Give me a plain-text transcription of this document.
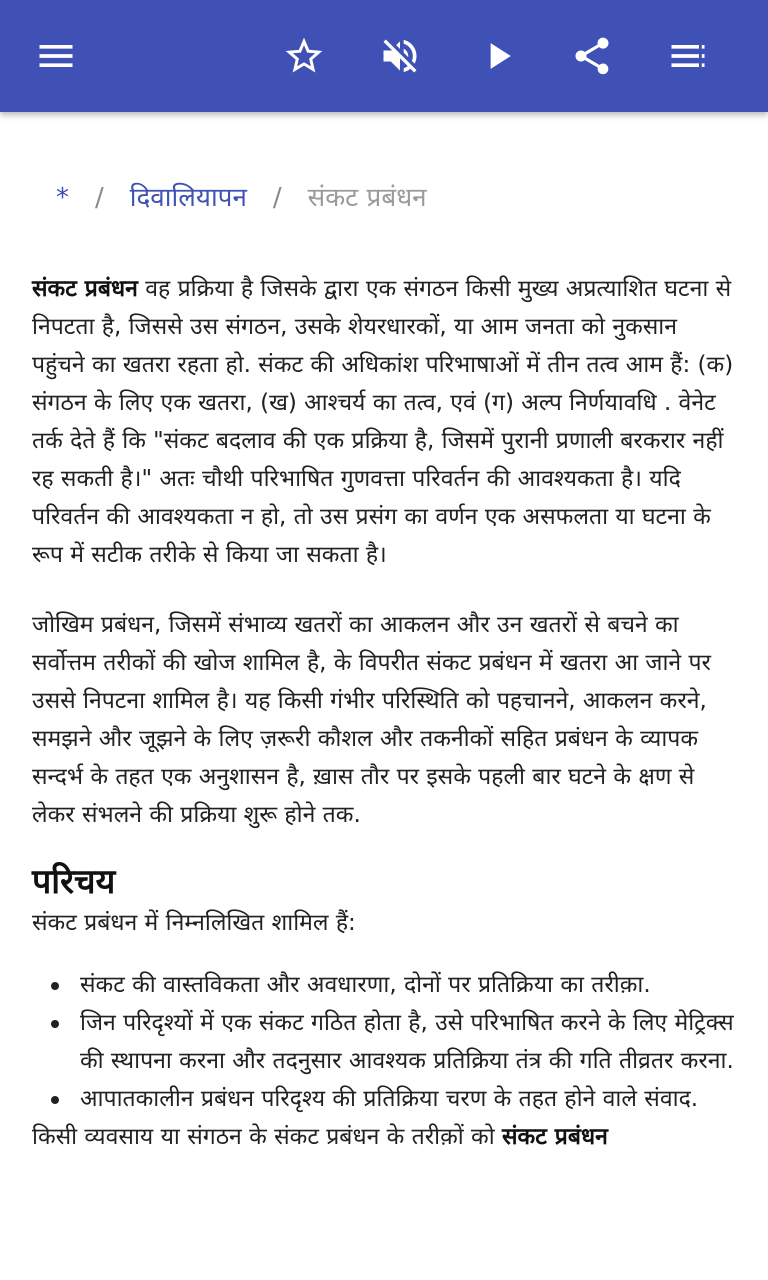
* / दिवालियापन / संकट प्रबंधन

संकट प्रबंधन वह प्रक्रिया है जिसके द्वारा एक संगठन किसी मुख्य अप्रत्याशित घटना से निपटता है, जिससे उस संगठन, उसके शेयरधारकों, या आम जनता को नुकसान पहुंचने का खतरा रहता हो. संकट की अधिकांश परिभाषाओं में तीन तत्व आम हैं: (क) संगठन के लिए एक खतरा, (ख) आश्चर्य का तत्व, एवं (ग) अल्प निर्णयावधि . वेनेट तर्क देते हैं कि "संकट बदलाव की एक प्रक्रिया है, जिसमें पुरानी प्रणाली बरकरार नहीं रह सकती है।" अतः चौथी परिभाषित गुणवत्ता परिवर्तन की आवश्यकता है। यदि परिवर्तन की आवश्यकता न हो, तो उस प्रसंग का वर्णन एक असफलता या घटना के रूप में सटीक तरीके से किया जा सकता है।

जोखिम प्रबंधन, जिसमें संभाव्य खतरों का आकलन और उन खतरों से बचने का सर्वोत्तम तरीकों की खोज शामिल है, के विपरीत संकट प्रबंधन में खतरा आ जाने पर उससे निपटना शामिल है। यह किसी गंभीर परिस्थिति को पहचानने, आकलन करने, समझने और जूझने के लिए ज़रूरी कौशल और तकनीकों सहित प्रबंधन के व्यापक सन्दर्भ के तहत एक अनुशासन है, ख़ास तौर पर इसके पहली बार घटने के क्षण से लेकर संभलने की प्रक्रिया शुरू होने तक.

परिचय

संकट प्रबंधन में निम्नलिखित शामिल हैं:

संकट की वास्तविकता और अवधारणा, दोनों पर प्रतिक्रिया का तरीक़ा.
जिन परिदृश्यों में एक संकट गठित होता है, उसे परिभाषित करने के लिए मेट्रिक्स की स्थापना करना और तदनुसार आवश्यक प्रतिक्रिया तंत्र की गति तीव्रतर करना.
आपातकालीन प्रबंधन परिदृश्य की प्रतिक्रिया चरण के तहत होने वाले संवाद.

किसी व्यवसाय या संगठन के संकट प्रबंधन के तरीक़ों को संकट प्रबंधन
